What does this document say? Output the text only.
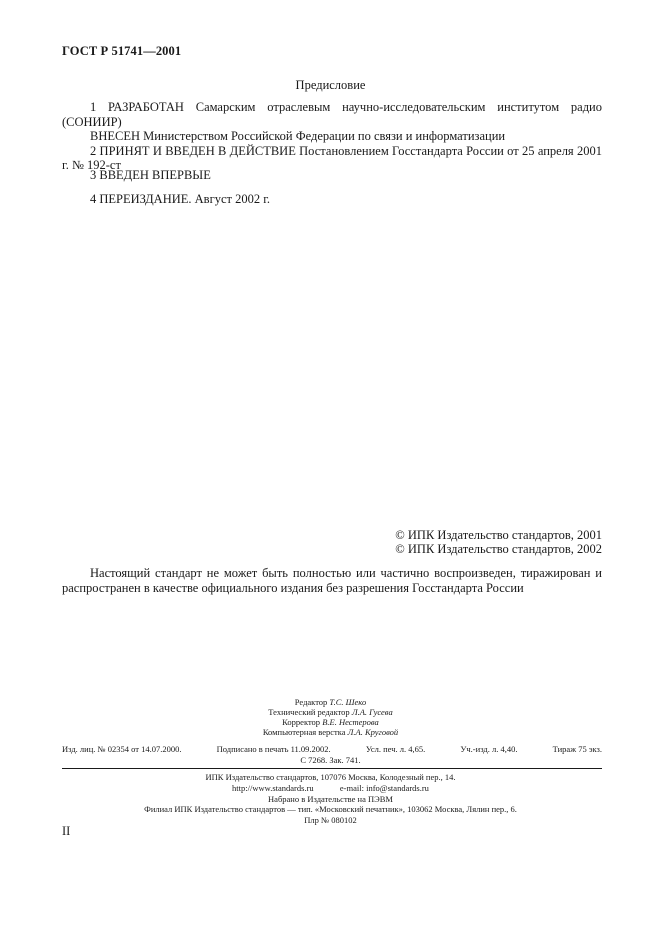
ГОСТ Р 51741—2001
Предисловие
1 РАЗРАБОТАН Самарским отраслевым научно-исследовательским институтом радио (СОНИИР)
ВНЕСЕН Министерством Российской Федерации по связи и информатизации
2 ПРИНЯТ И ВВЕДЕН В ДЕЙСТВИЕ Постановлением Госстандарта России от 25 апреля 2001 г. № 192-ст
3 ВВЕДЕН ВПЕРВЫЕ
4 ПЕРЕИЗДАНИЕ. Август 2002 г.
© ИПК Издательство стандартов, 2001
© ИПК Издательство стандартов, 2002
Настоящий стандарт не может быть полностью или частично воспроизведен, тиражирован и распространен в качестве официального издания без разрешения Госстандарта России
Редактор Т.С. Шеко
Технический редактор Л.А. Гусева
Корректор В.Е. Нестерова
Компьютерная верстка Л.А. Круговой
Изд. лиц. № 02354 от 14.07.2000.	Подписано в печать 11.09.2002.	Усл. печ. л. 4,65.	Уч.-изд. л. 4,40.	Тираж 75 экз.
С 7268. Зак. 741.
ИПК Издательство стандартов, 107076 Москва, Колодезный пер., 14.
http://www.standards.ru	e-mail: info@standards.ru
Набрано в Издательстве на ПЭВМ
Филиал ИПК Издательство стандартов — тип. «Московский печатник», 103062 Москва, Лялин пер., 6.
Плр № 080102
II
